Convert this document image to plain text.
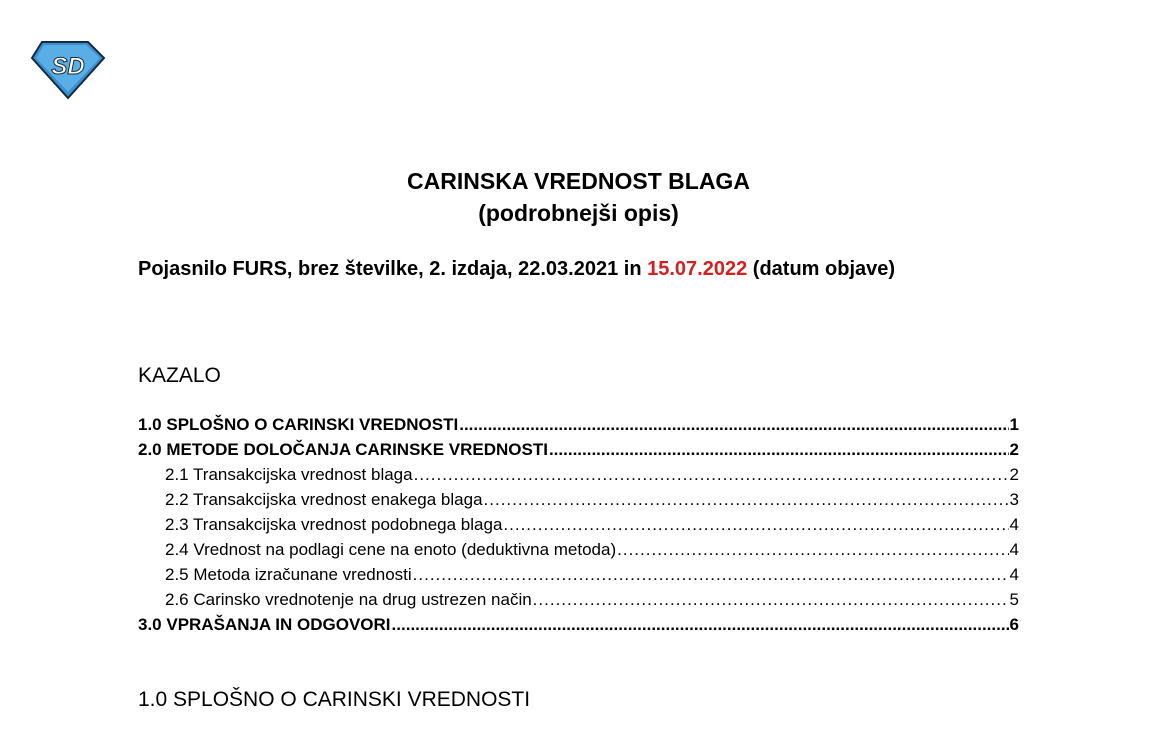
SD
CARINSKA VREDNOST BLAGA
(podrobnejši opis)
Pojasnilo FURS, brez številke, 2. izdaja, 22.03.2021 in 15.07.2022 (datum objave)
KAZALO
1.0 SPLOŠNO O CARINSKI VREDNOSTI .....	1
2.0 METODE DOLOČANJA CARINSKE VREDNOSTI .....	2
2.1 Transakcijska vrednost blaga .....	2
2.2 Transakcijska vrednost enakega blaga .....	3
2.3 Transakcijska vrednost podobnega blaga .....	4
2.4 Vrednost na podlagi cene na enoto (deduktivna metoda) .....	4
2.5 Metoda izračunane vrednosti .....	4
2.6 Carinsko vrednotenje na drug ustrezen način .....	5
3.0 VPRAŠANJA IN ODGOVORI .....	6
1.0 SPLOŠNO O CARINSKI VREDNOSTI
